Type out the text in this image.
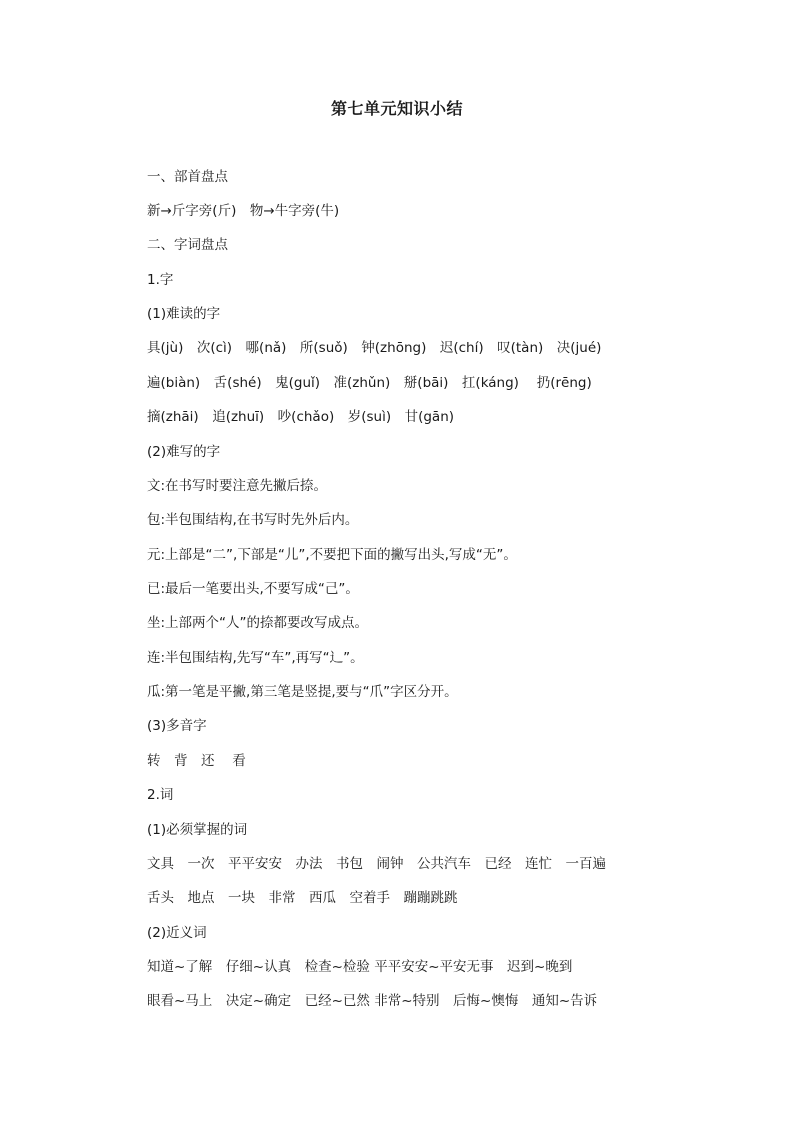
第七单元知识小结
一、部首盘点
新→斤字旁(斤)　物→牛字旁(牛)
二、字词盘点
1.字
(1)难读的字
具(jù)　次(cì)　哪(nǎ)　所(suǒ)　钟(zhōng)　迟(chí)　叹(tàn)　决(jué)
遍(biàn)　舌(shé)　鬼(guǐ)　准(zhǔn)　掰(bāi)　扛(káng)　 扔(rēng)
摘(zhāi)　追(zhuī)　吵(chǎo)　岁(suì)　甘(gān)
(2)难写的字
文:在书写时要注意先撇后捺。
包:半包围结构,在书写时先外后内。
元:上部是“二”,下部是“儿”,不要把下面的撇写出头,写成“无”。
已:最后一笔要出头,不要写成“己”。
坐:上部两个“人”的捺都要改写成点。
连:半包围结构,先写“车”,再写“辶”。
瓜:第一笔是平撇,第三笔是竖提,要与“爪”字区分开。
(3)多音字
转　背　还　 看
2.词
(1)必须掌握的词
文具　一次　平平安安　办法　书包　闹钟　公共汽车　已经　连忙　一百遍
舌头　地点　一块　非常　西瓜　空着手　蹦蹦跳跳
(2)近义词
知道~了解　仔细~认真　检查~检验 平平安安~平安无事　迟到~晚到
眼看~马上　决定~确定　已经~已然 非常~特别　后悔~懊悔　通知~告诉
